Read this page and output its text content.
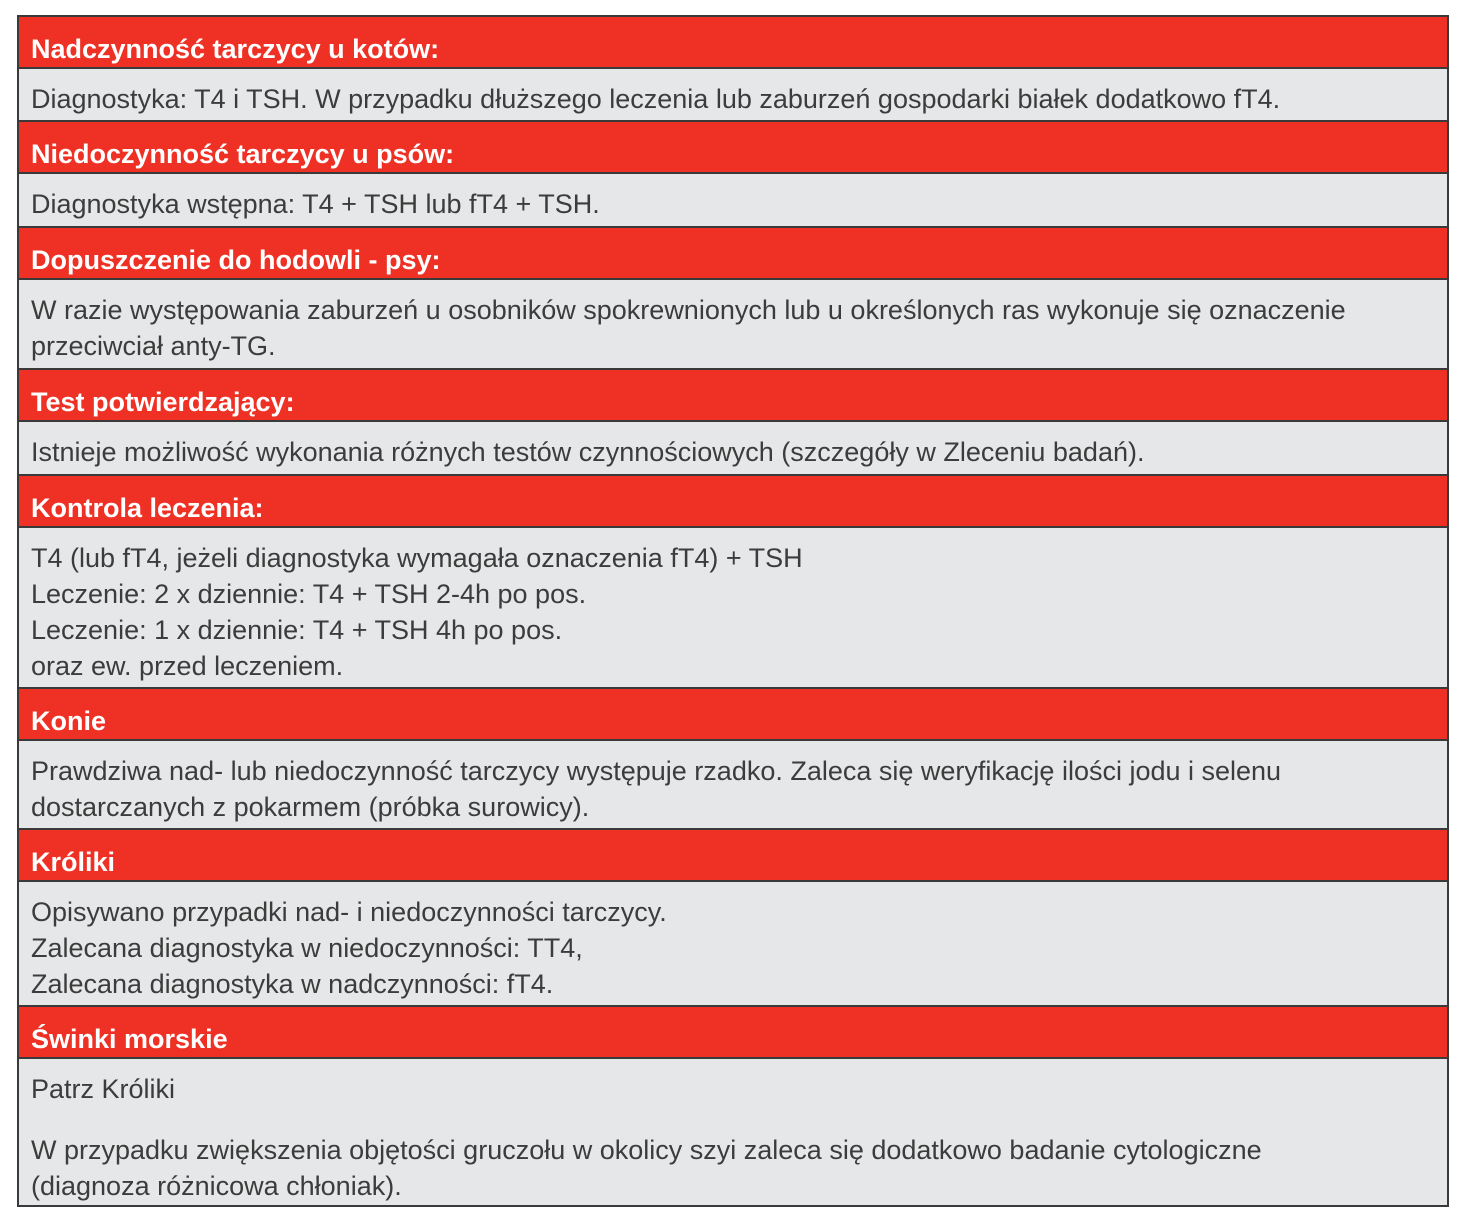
Nadczynność tarczycy u kotów:
Diagnostyka: T4 i TSH. W przypadku dłuższego leczenia lub zaburzeń gospodarki białek dodatkowo fT4.
Niedoczynność tarczycy u psów:
Diagnostyka wstępna: T4 + TSH lub fT4 + TSH.
Dopuszczenie do hodowli - psy:
W razie występowania zaburzeń u osobników spokrewnionych lub u określonych ras wykonuje się oznaczenie
przeciwciał anty-TG.
Test potwierdzający:
Istnieje możliwość wykonania różnych testów czynnościowych (szczegóły w Zleceniu badań).
Kontrola leczenia:
T4 (lub fT4, jeżeli diagnostyka wymagała oznaczenia fT4) + TSH
Leczenie: 2 x dziennie: T4 + TSH 2-4h po pos.
Leczenie: 1 x dziennie: T4 + TSH 4h po pos.
oraz ew. przed leczeniem.
Konie
Prawdziwa nad- lub niedoczynność tarczycy występuje rzadko. Zaleca się weryfikację ilości jodu i selenu
dostarczanych z pokarmem (próbka surowicy).
Króliki
Opisywano przypadki nad- i niedoczynności tarczycy.
Zalecana diagnostyka w niedoczynności: TT4,
Zalecana diagnostyka w nadczynności: fT4.
Świnki morskie
Patrz Króliki
W przypadku zwiększenia objętości gruczołu w okolicy szyi zaleca się dodatkowo badanie cytologiczne
(diagnoza różnicowa chłoniak).
